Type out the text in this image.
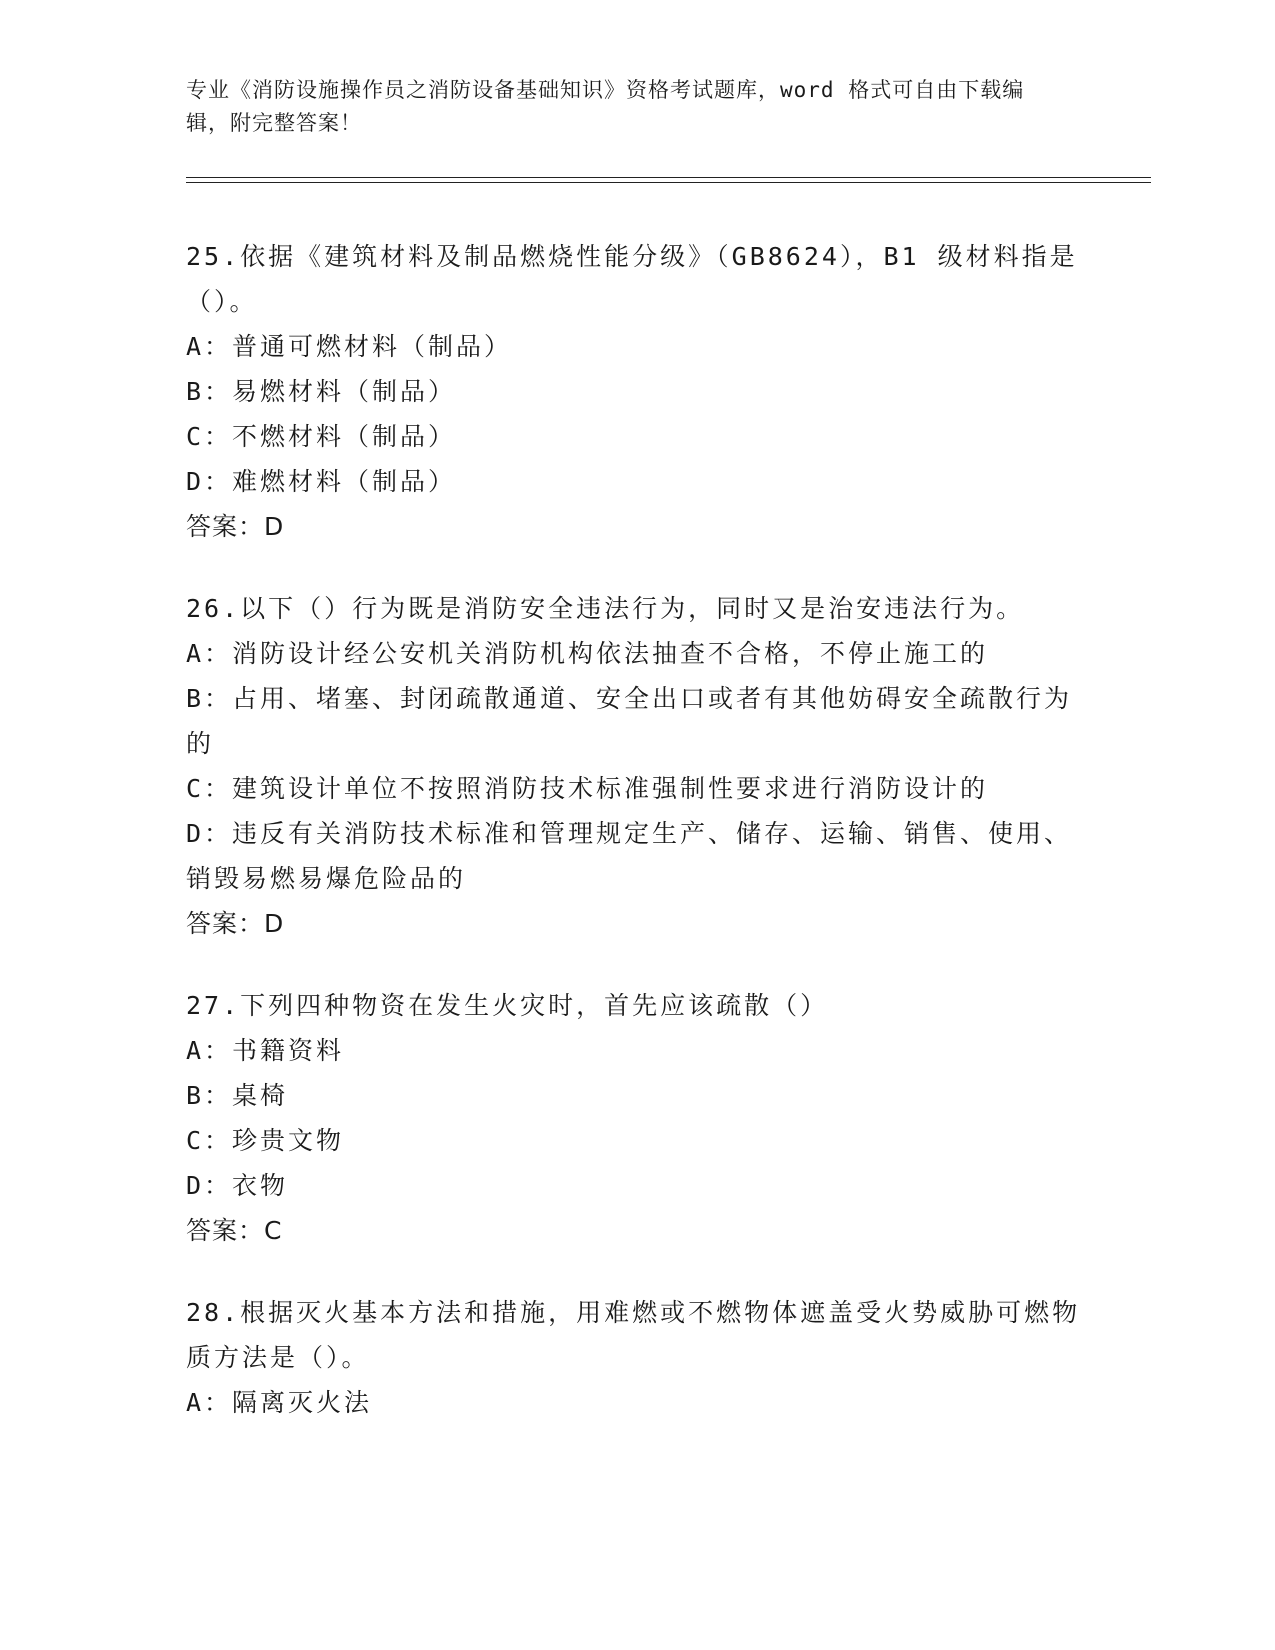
专业《消防设施操作员之消防设备基础知识》资格考试题库，word 格式可自由下载编辑，附完整答案！

25.依据《建筑材料及制品燃烧性能分级》（GB8624），B1 级材料指是（）。

A：普通可燃材料（制品）

B：易燃材料（制品）

C：不燃材料（制品）

D：难燃材料（制品）

答案：D

26.以下（）行为既是消防安全违法行为，同时又是治安违法行为。

A：消防设计经公安机关消防机构依法抽查不合格，不停止施工的

B：占用、堵塞、封闭疏散通道、安全出口或者有其他妨碍安全疏散行为的

C：建筑设计单位不按照消防技术标准强制性要求进行消防设计的

D：违反有关消防技术标准和管理规定生产、储存、运输、销售、使用、销毁易燃易爆危险品的

答案：D

27.下列四种物资在发生火灾时，首先应该疏散（）

A：书籍资料

B：桌椅

C：珍贵文物

D：衣物

答案：C

28.根据灭火基本方法和措施，用难燃或不燃物体遮盖受火势威胁可燃物质方法是（）。

A：隔离灭火法
